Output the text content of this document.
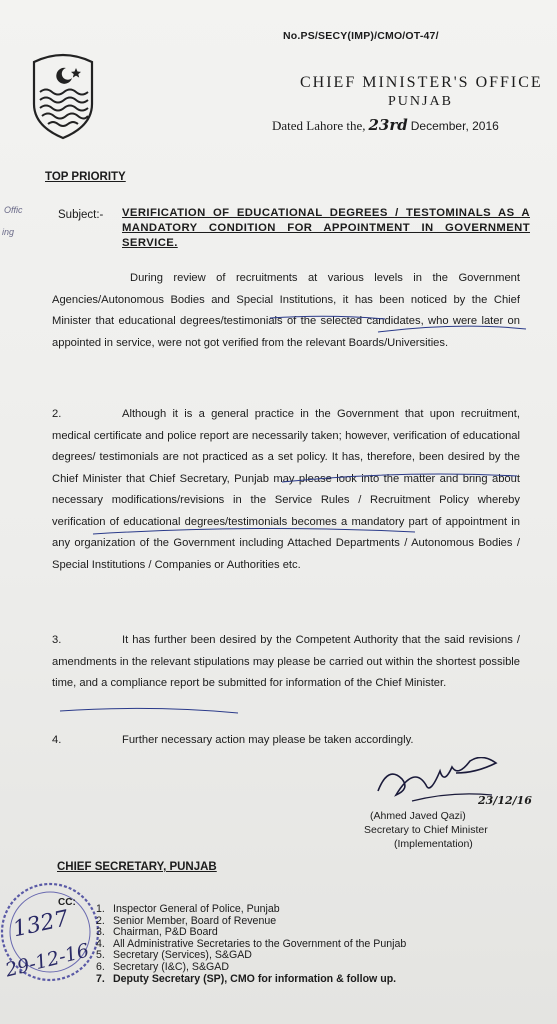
No.PS/SECY(IMP)/CMO/OT-47/
CHIEF MINISTER'S OFFICE
PUNJAB
Dated Lahore the, 23rd December, 2016
TOP PRIORITY
Offic
ing
Subject:- VERIFICATION OF EDUCATIONAL DEGREES / TESTOMINALS AS A MANDATORY CONDITION FOR APPOINTMENT IN GOVERNMENT SERVICE.
During review of recruitments at various levels in the Government Agencies/Autonomous Bodies and Special Institutions, it has been noticed by the Chief Minister that educational degrees/testimonials of the selected candidates, who were later on appointed in service, were not got verified from the relevant Boards/Universities.
2.	Although it is a general practice in the Government that upon recruitment, medical certificate and police report are necessarily taken; however, verification of educational degrees/ testimonials are not practiced as a set policy. It has, therefore, been desired by the Chief Minister that Chief Secretary, Punjab may please look into the matter and bring about necessary modifications/revisions in the Service Rules / Recruitment Policy whereby verification of educational degrees/testimonials becomes a mandatory part of appointment in any organization of the Government including Attached Departments / Autonomous Bodies / Special Institutions / Companies or Authorities etc.
3.	It has further been desired by the Competent Authority that the said revisions / amendments in the relevant stipulations may please be carried out within the shortest possible time, and a compliance report be submitted for information of the Chief Minister.
4.	Further necessary action may please be taken accordingly.
23/12/16
(Ahmed Javed Qazi)
Secretary to Chief Minister
(Implementation)
CHIEF SECRETARY, PUNJAB
1327
29-12-16
CC:
1. Inspector General of Police, Punjab
2. Senior Member, Board of Revenue
3. Chairman, P&D Board
4. All Administrative Secretaries to the Government of the Punjab
5. Secretary (Services), S&GAD
6. Secretary (I&C), S&GAD
7. Deputy Secretary (SP), CMO for information & follow up.
